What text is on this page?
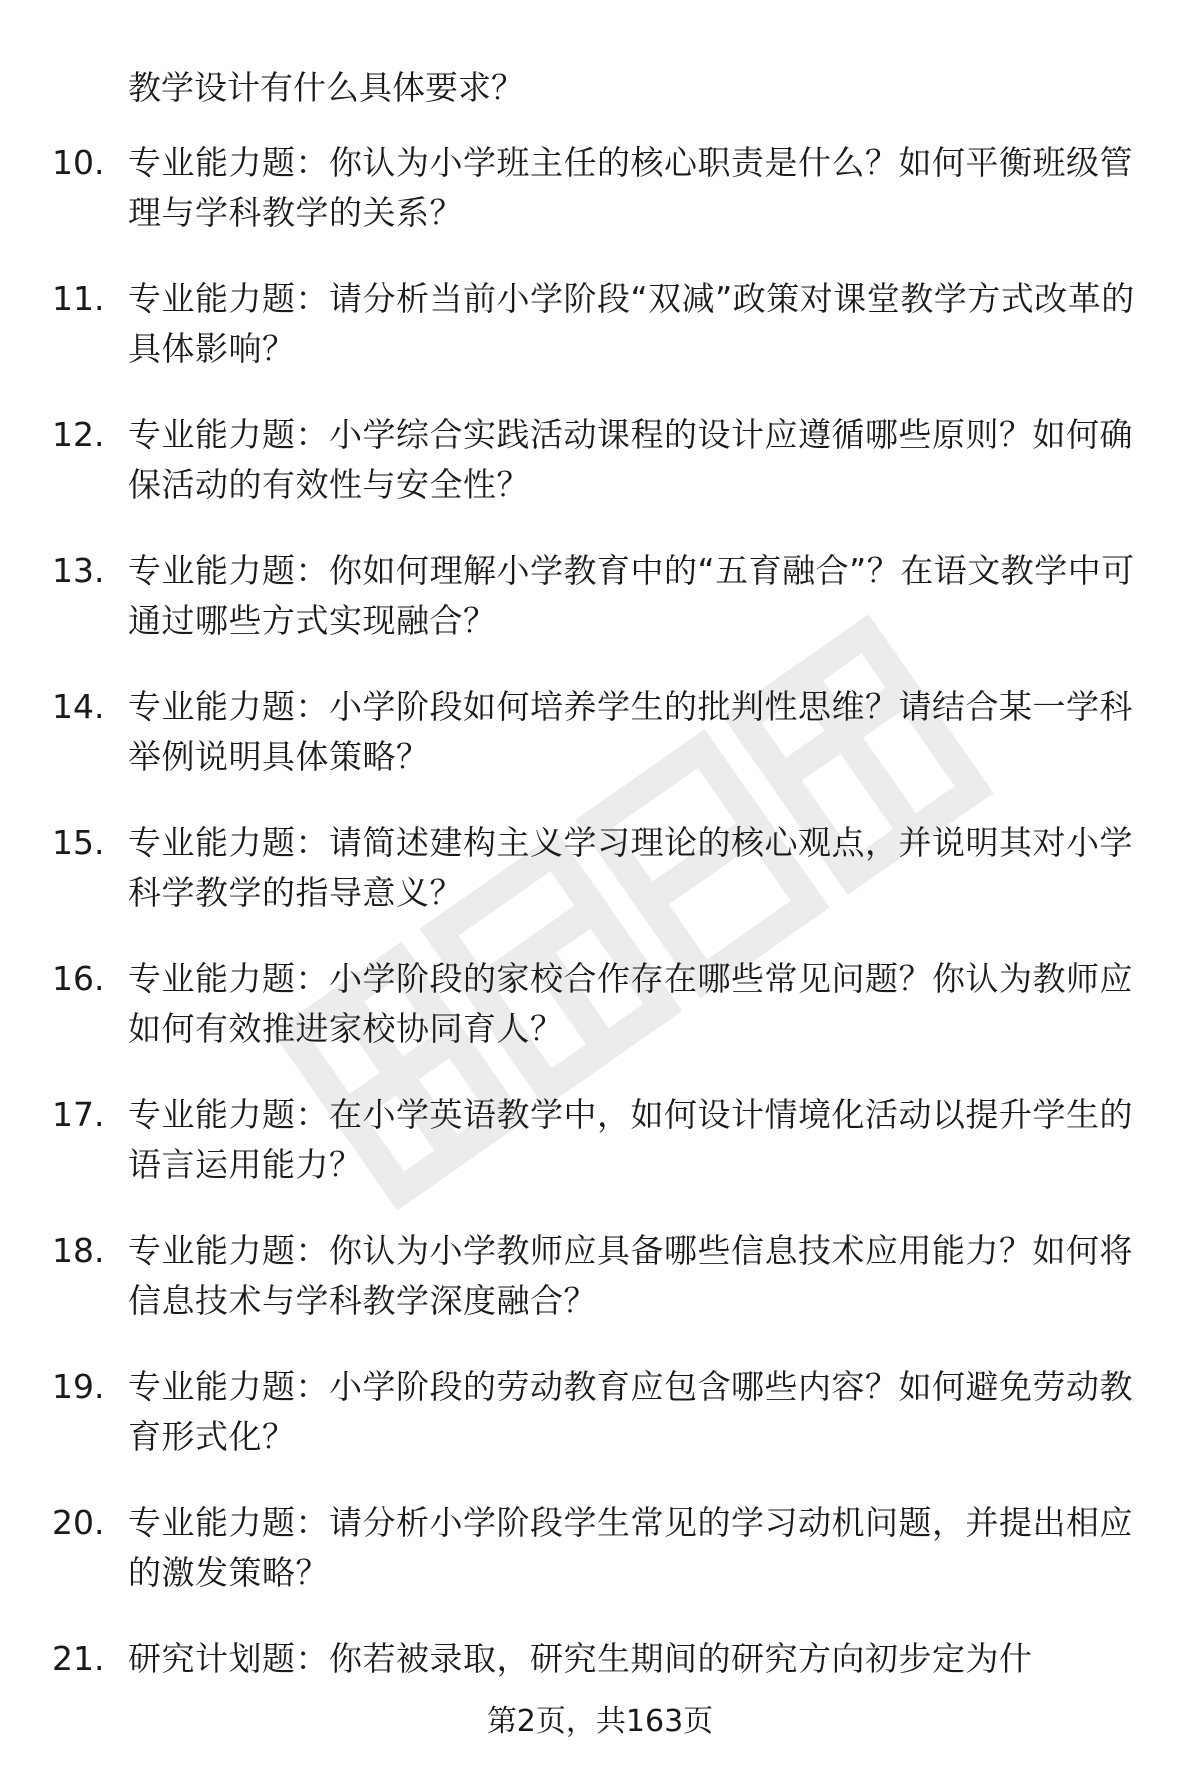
教学设计有什么具体要求？
10. 专业能力题：你认为小学班主任的核心职责是什么？如何平衡班级管理与学科教学的关系？
11. 专业能力题：请分析当前小学阶段“双减”政策对课堂教学方式改革的具体影响？
12. 专业能力题：小学综合实践活动课程的设计应遵循哪些原则？如何确保活动的有效性与安全性？
13. 专业能力题：你如何理解小学教育中的“五育融合”？在语文教学中可通过哪些方式实现融合？
14. 专业能力题：小学阶段如何培养学生的批判性思维？请结合某一学科举例说明具体策略？
15. 专业能力题：请简述建构主义学习理论的核心观点，并说明其对小学科学教学的指导意义？
16. 专业能力题：小学阶段的家校合作存在哪些常见问题？你认为教师应如何有效推进家校协同育人？
17. 专业能力题：在小学英语教学中，如何设计情境化活动以提升学生的语言运用能力？
18. 专业能力题：你认为小学教师应具备哪些信息技术应用能力？如何将信息技术与学科教学深度融合？
19. 专业能力题：小学阶段的劳动教育应包含哪些内容？如何避免劳动教育形式化？
20. 专业能力题：请分析小学阶段学生常见的学习动机问题，并提出相应的激发策略？
21. 研究计划题：你若被录取，研究生期间的研究方向初步定为什
第2页，共163页
